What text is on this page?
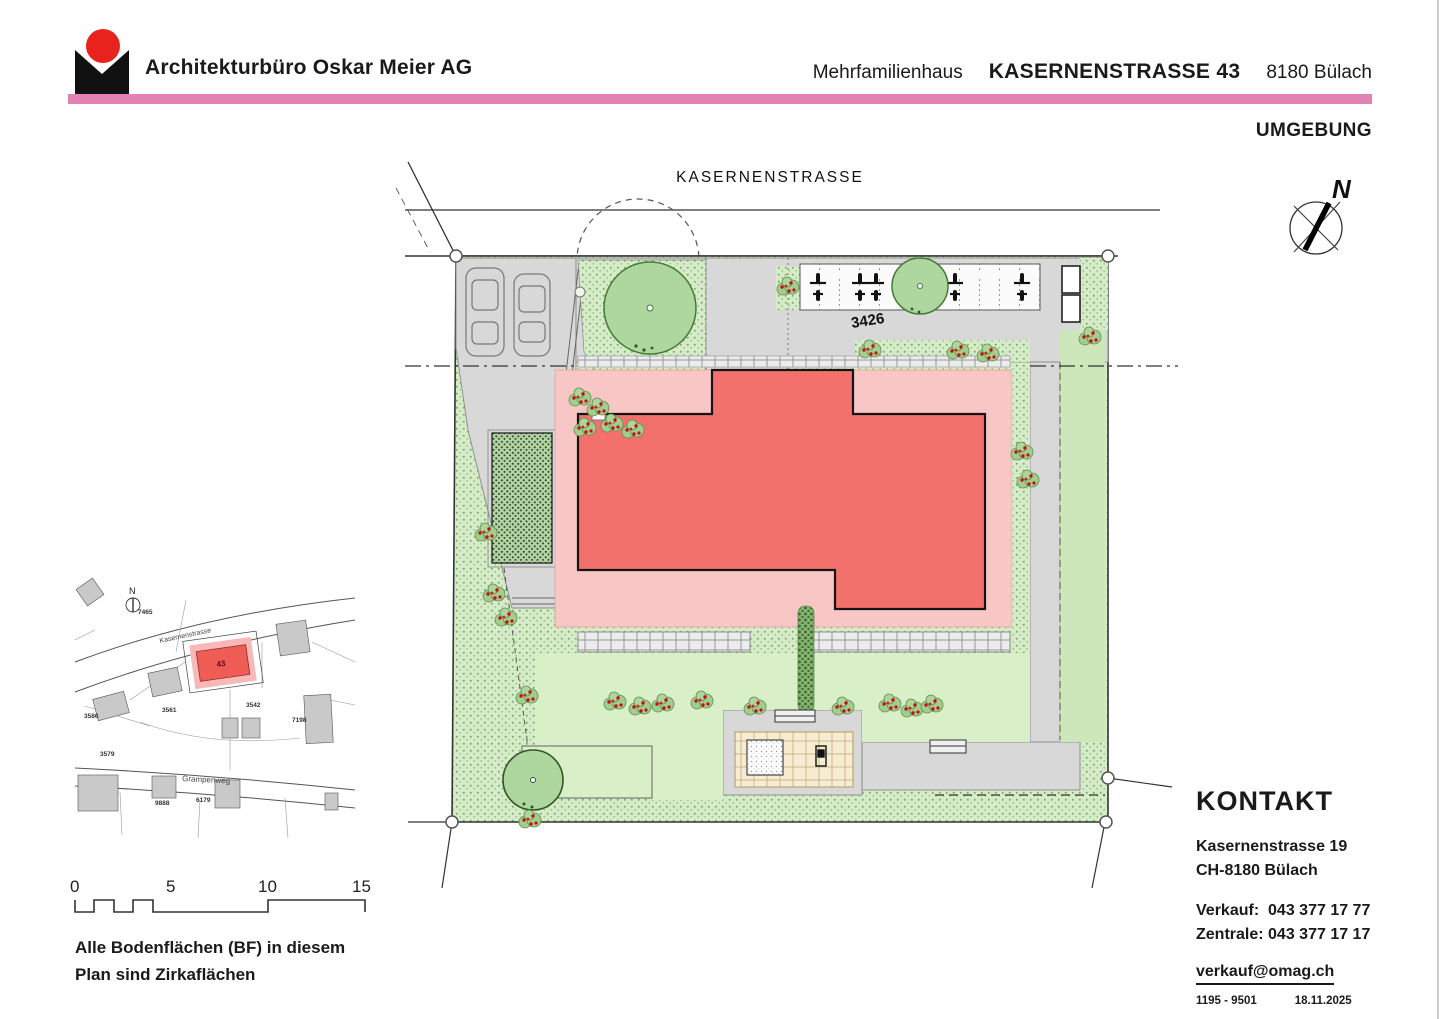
KASERNENSTRASSE
3426
N
43
N
Kasernenstrasse
Grampenweg
7465
3586
3561
3542
7198
3579
9888	6179
0	5	10	15
Architekturbüro Oskar Meier AG	Mehrfamilienhaus KASERNENSTRASSE 43 8180 Bülach
UMGEBUNG
KONTAKT
Kasernenstrasse 19
CH-8180 Bülach
Verkauf: 043 377 17 77
Zentrale: 043 377 17 17
verkauf@omag.ch
1195 - 9501	18.11.2025
Alle Bodenflächen (BF) in diesem
Plan sind Zirkaflächen
